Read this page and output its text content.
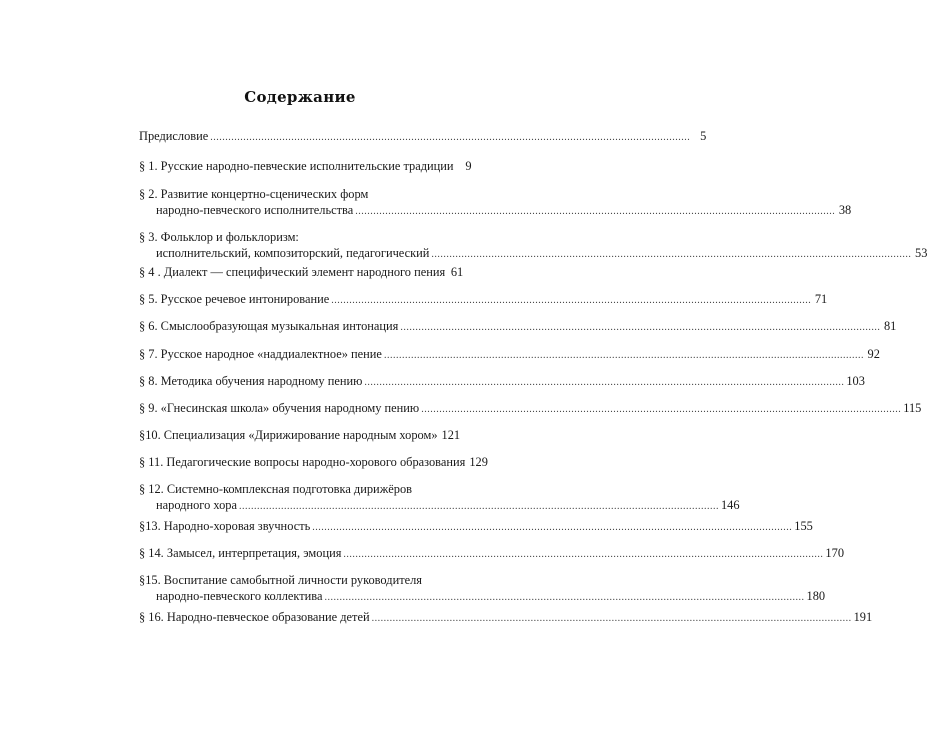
Содержание
Предисловие ................................................................................................................................................................ 5
§ 1. Русские народно-певческие исполнительские традиции 9
§ 2. Развитие концертно-сценических форм
народно-певческого исполнительства ................................................................................................................................................................ 38
§ 3. Фольклор и фольклоризм:
исполнительский, композиторский, педагогический ................................................................................................................................................................ 53
§ 4 . Диалект — специфический элемент народного пения 61
§ 5. Русское речевое интонирование ................................................................................................................................................................ 71
§ 6. Смыслообразующая музыкальная интонация ................................................................................................................................................................ 81
§ 7. Русское народное «наддиалектное» пение ................................................................................................................................................................ 92
§ 8. Методика обучения народному пению ................................................................................................................................................................ 103
§ 9. «Гнесинская школа» обучения народному пению ................................................................................................................................................................ 115
§10. Специализация «Дирижирование народным хором» 121
§ 11. Педагогические вопросы народно-хорового образования 129
§ 12. Системно-комплексная подготовка дирижёров
народного хора ................................................................................................................................................................ 146
§13. Народно-хоровая звучность ................................................................................................................................................................ 155
§ 14. Замысел, интерпретация, эмоция ................................................................................................................................................................ 170
§15. Воспитание самобытной личности руководителя
народно-певческого коллектива ................................................................................................................................................................ 180
§ 16. Народно-певческое образование детей ................................................................................................................................................................ 191
